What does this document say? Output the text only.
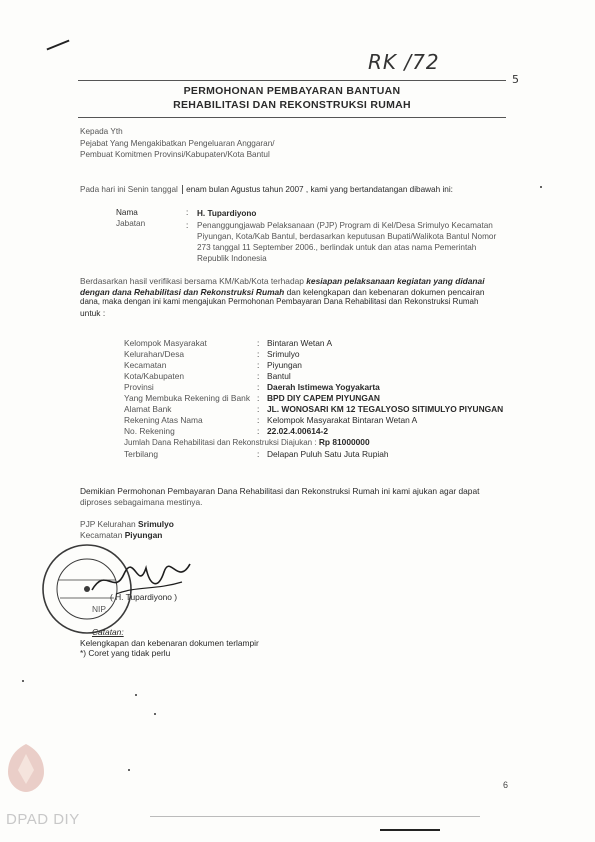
RK /72
5
PERMOHONAN PEMBAYARAN BANTUAN
REHABILITASI DAN REKONSTRUKSI RUMAH
Kepada Yth
Pejabat Yang Mengakibatkan Pengeluaran Anggaran/
Pembuat Komitmen Provinsi/Kabupaten/Kota Bantul
Pada hari ini Senin tanggal enam bulan Agustus tahun 2007 , kami yang bertandatangan dibawah ini:
Nama	: H. Tupardiyono
Jabatan	: Penanggungjawab Pelaksanaan (PJP) Program di Kel/Desa Srimulyo Kecamatan
Piyungan, Kota/Kab Bantul, berdasarkan keputusan Bupati/Walikota Bantul Nomor
273 tanggal 11 September 2006., berlindak untuk dan atas nama Pemerintah
Republik Indonesia
Berdasarkan hasil verifikasi bersama KM/Kab/Kota terhadap kesiapan pelaksanaan kegiatan yang didanai
dengan dana Rehabilitasi dan Rekonstruksi Rumah dan kelengkapan dan kebenaran dokumen pencairan
dana, maka dengan ini kami mengajukan Permohonan Pembayaran Dana Rehabilitasi dan Rekonstruksi Rumah
untuk :
Kelompok Masyarakat	: Bintaran Wetan A
Kelurahan/Desa	: Srimulyo
Kecamatan	: Piyungan
Kota/Kabupaten	: Bantul
Provinsi	: Daerah Istimewa Yogyakarta
Yang Membuka Rekening di Bank : BPD DIY CAPEM PIYUNGAN
Alamat Bank	: JL. WONOSARI KM 12 TEGALYOSO SITIMULYO PIYUNGAN
Rekening Atas Nama	: Kelompok Masyarakat Bintaran Wetan A
No. Rekening	: 22.02.4.00614-2
Jumlah Dana Rehabilitasi dan Rekonstruksi Diajukan : Rp 81000000
Terbilang	: Delapan Puluh Satu Juta Rupiah
Demikian Permohonan Pembayaran Dana Rehabilitasi dan Rekonstruksi Rumah ini kami ajukan agar dapat
diproses sebagaimana mestinya.
PJP Kelurahan Srimulyo
Kecamatan Piyungan
( H. Tupardiyono )
NIP.
Catatan:
Kelengkapan dan kebenaran dokumen terlampir
*) Coret yang tidak perlu
6
DPAD DIY
